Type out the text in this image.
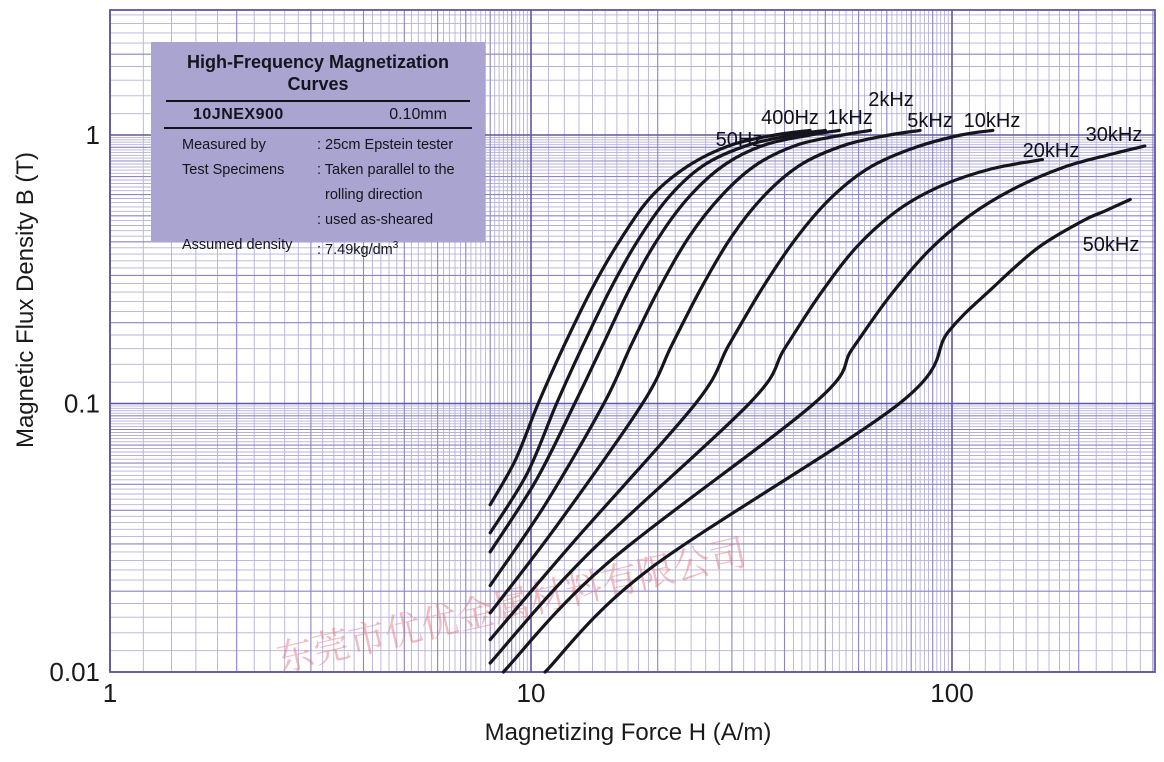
东莞市优优金属材料有限公司
50Hz
400Hz 1kHz
2kHz
5kHz 10kHz
20kHz
30kHz
50kHz
1	10	100
1
0.1
0.01
Magnetic Flux Density B (T)
Magnetizing Force H (A/m)
High-Frequency Magnetization Curves
10JNEX900	0.10mm
Measured by	: 25cm Epstein tester
Test Specimens	: Taken parallel to the
rolling direction
: used as-sheared
Assumed density	: $7.49kg/dm^3$
